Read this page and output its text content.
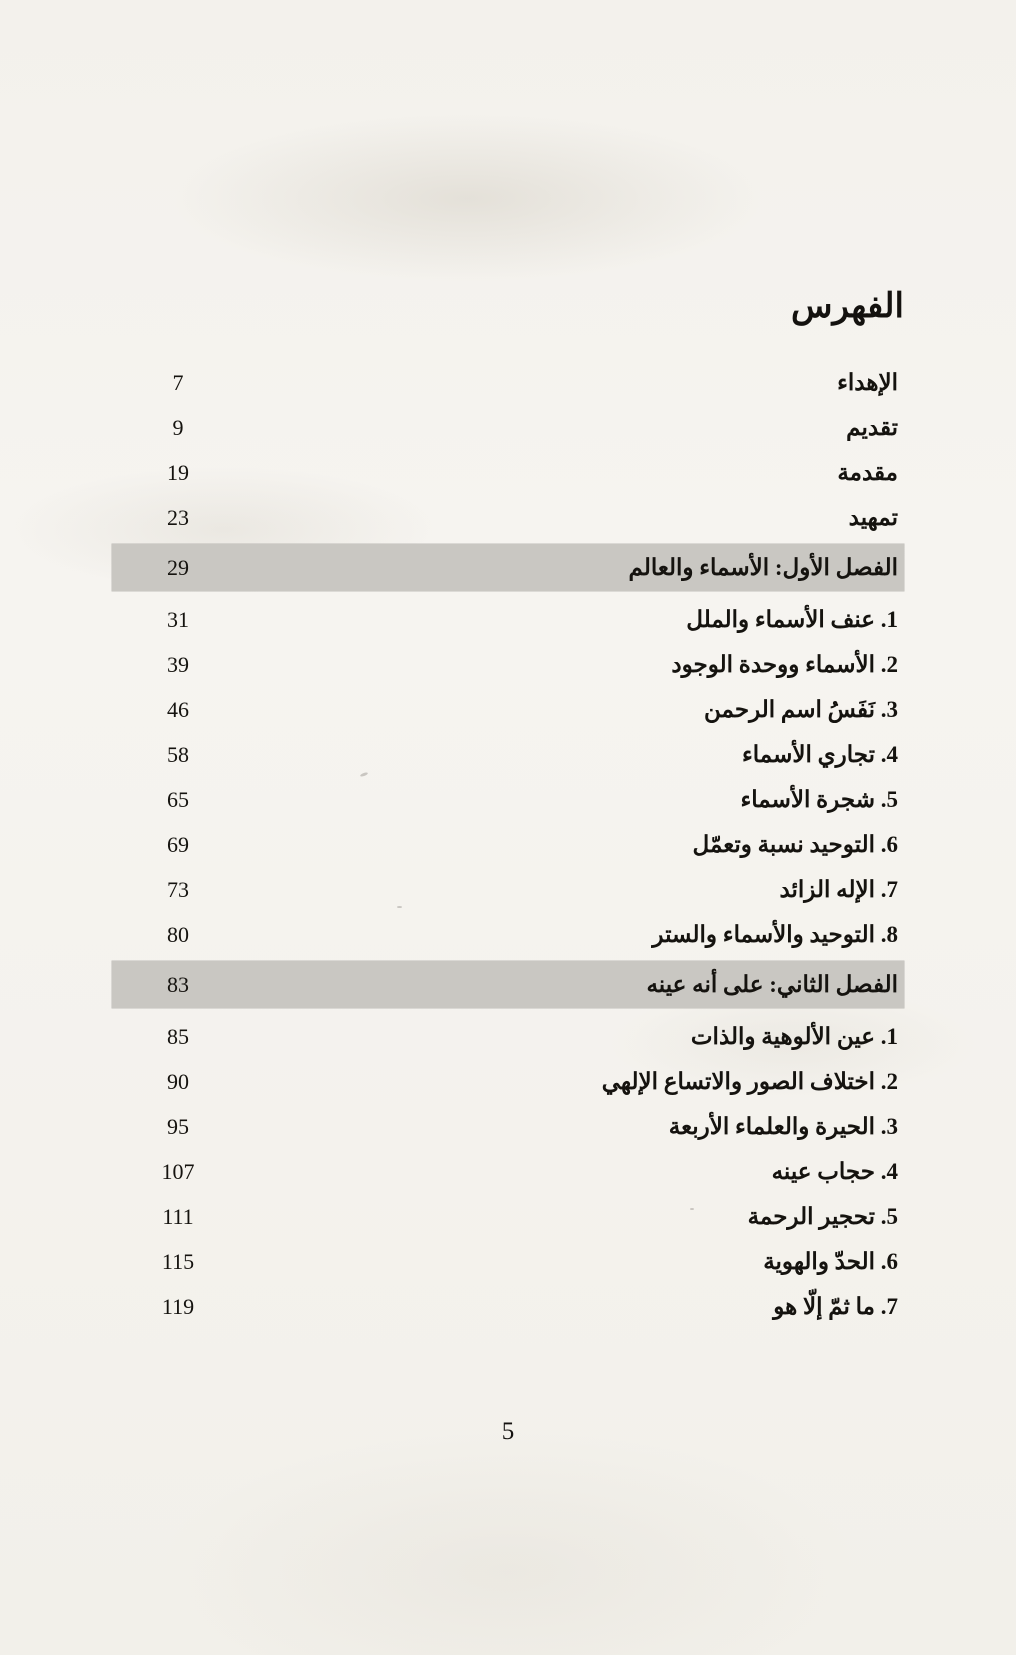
الفهرس
الإهداء
7
تقديم
9
مقدمة
19
تمهيد
23
الفصل الأول: الأسماء والعالم
29
1. عنف الأسماء والملل
31
2. الأسماء ووحدة الوجود
39
3. نَفَسُ اسم الرحمن
46
4. تجاري الأسماء
58
5. شجرة الأسماء
65
6. التوحيد نسبة وتعمّل
69
7. الإله الزائد
73
8. التوحيد والأسماء والستر
80
الفصل الثاني: على أنه عينه
83
1. عين الألوهية والذات
85
2. اختلاف الصور والاتساع الإلهي
90
3. الحيرة والعلماء الأربعة
95
4. حجاب عينه
107
5. تحجير الرحمة
111
6. الحدّ والهوية
115
7. ما ثمّ إلّا هو
119
5
